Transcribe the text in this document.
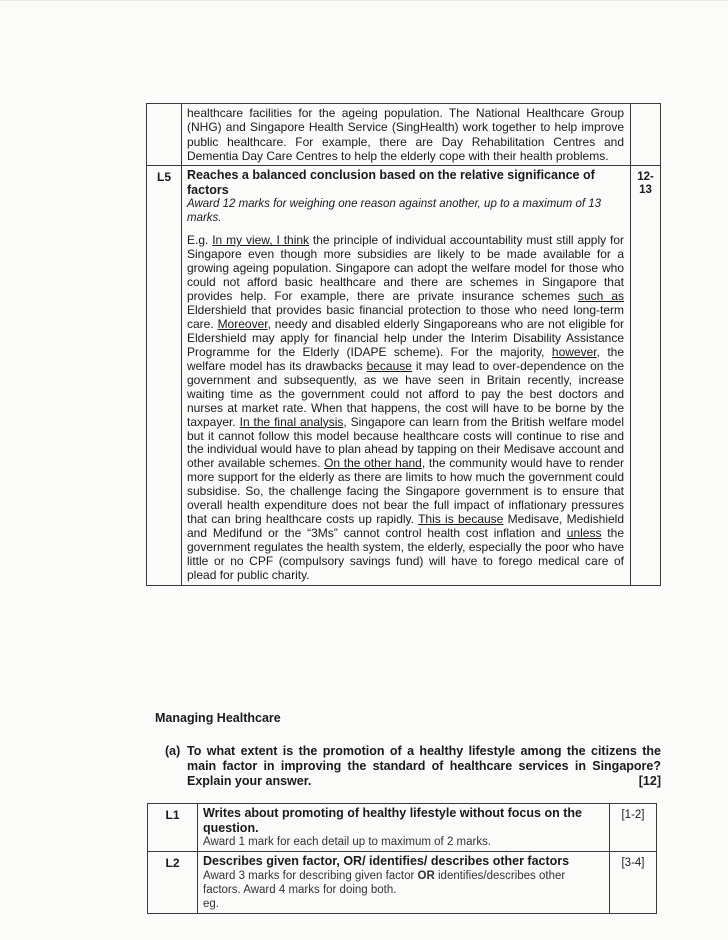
	healthcare facilities for the ageing population. The National Healthcare Group (NHG) and Singapore Health Service (SingHealth) work together to help improve public healthcare. For example, there are Day Rehabilitation Centres and Dementia Day Care Centres to help the elderly cope with their health problems.	

L5	Reaches a balanced conclusion based on the relative significance of factors

Award 12 marks for weighing one reason against another, up to a maximum of 13 marks.

E.g. In my view, I think the principle of individual accountability must still apply for Singapore even though more subsidies are likely to be made available for a growing ageing population. Singapore can adopt the welfare model for those who could not afford basic healthcare and there are schemes in Singapore that provides help. For example, there are private insurance schemes such as Eldershield that provides basic financial protection to those who need long-term care. Moreover, needy and disabled elderly Singaporeans who are not eligible for Eldershield may apply for financial help under the Interim Disability Assistance Programme for the Elderly (IDAPE scheme). For the majority, however, the welfare model has its drawbacks because it may lead to over-dependence on the government and subsequently, as we have seen in Britain recently, increase waiting time as the government could not afford to pay the best doctors and nurses at market rate. When that happens, the cost will have to be borne by the taxpayer. In the final analysis, Singapore can learn from the British welfare model but it cannot follow this model because healthcare costs will continue to rise and the individual would have to plan ahead by tapping on their Medisave account and other available schemes. On the other hand, the community would have to render more support for the elderly as there are limits to how much the government could subsidise. So, the challenge facing the Singapore government is to ensure that overall health expenditure does not bear the full impact of inflationary pressures that can bring healthcare costs up rapidly. This is because Medisave, Medishield and Medifund or the “3Ms” cannot control health cost inflation and unless the government regulates the health system, the elderly, especially the poor who have little or no CPF (compulsory savings fund) will have to forego medical care of plead for public charity.	12-13
Managing Healthcare
(a) To what extent is the promotion of a healthy lifestyle among the citizens the main factor in improving the standard of healthcare services in Singapore? Explain your answer.	[12]
L1	Writes about promoting of healthy lifestyle without focus on the question.

Award 1 mark for each detail up to maximum of 2 marks.	[1-2]
L2	Describes given factor, OR/ identifies/ describes other factors

Award 3 marks for describing given factor OR identifies/describes other factors. Award 4 marks for doing both.

eg.	[3-4]
